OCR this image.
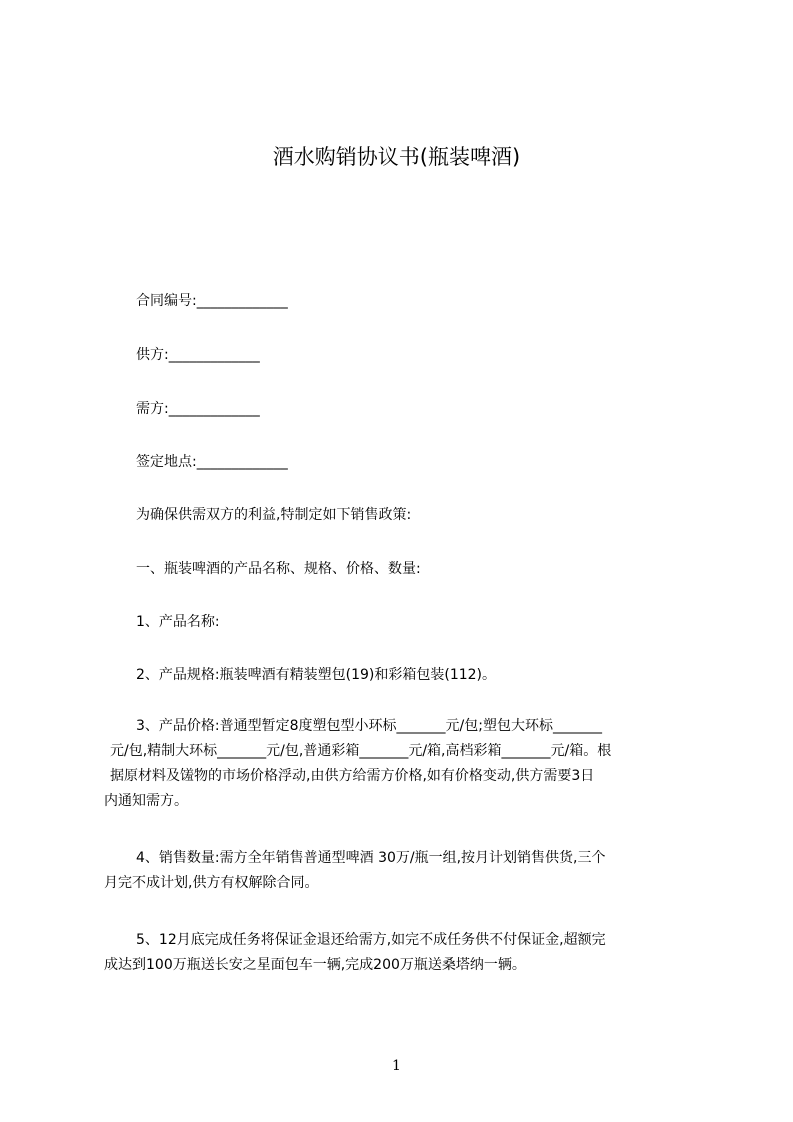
酒水购销协议书(瓶装啤酒)
合同编号:_____________
供方:_____________
需方:_____________
签定地点:_____________
为确保供需双方的利益,特制定如下销售政策:
一、瓶装啤酒的产品名称、规格、价格、数量:
1、产品名称:
2、产品规格:瓶装啤酒有精装塑包(19)和彩箱包装(112)。
3、产品价格:普通型暂定8度塑包型小环标_______元/包;塑包大环标_______
元/包,精制大环标_______元/包,普通彩箱_______元/箱,高档彩箱_______元/箱。根
据原材料及馐物的市场价格浮动,由供方给需方价格,如有价格变动,供方需要3日
内通知需方。
4、销售数量:需方全年销售普通型啤酒 30万/瓶一组,按月计划销售供货,三个
月完不成计划,供方有权解除合同。
5、12月底完成任务将保证金退还给需方,如完不成任务供不付保证金,超额完
成达到100万瓶送长安之星面包车一辆,完成200万瓶送桑塔纳一辆。
1
